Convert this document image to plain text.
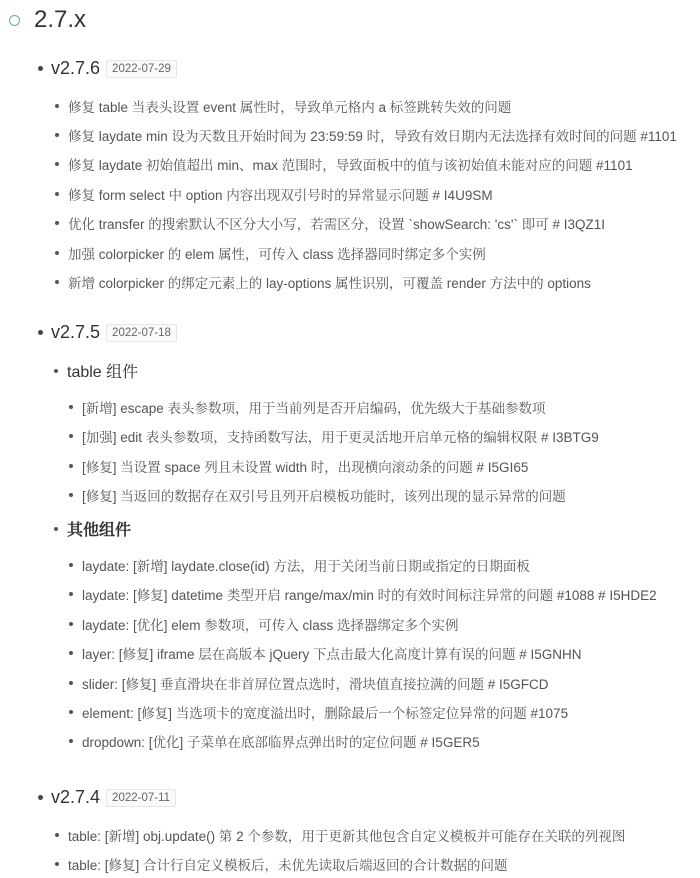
2.7.x
v2.7.6	2022-07-29
修复 table 当表头设置 event 属性时，导致单元格内 a 标签跳转失效的问题
修复 laydate min 设为天数且开始时间为 23:59:59 时，导致有效日期内无法选择有效时间的问题 #1101
修复 laydate 初始值超出 min、max 范围时，导致面板中的值与该初始值未能对应的问题 #1101
修复 form select 中 option 内容出现双引号时的异常显示问题 # I4U9SM
优化 transfer 的搜索默认不区分大小写，若需区分，设置 `showSearch: 'cs'` 即可 # I3QZ1I
加强 colorpicker 的 elem 属性，可传入 class 选择器同时绑定多个实例
新增 colorpicker 的绑定元素上的 lay-options 属性识别，可覆盖 render 方法中的 options
v2.7.5	2022-07-18
table 组件
[新增] escape 表头参数项，用于当前列是否开启编码，优先级大于基础参数项
[加强] edit 表头参数项，支持函数写法，用于更灵活地开启单元格的编辑权限 # I3BTG9
[修复] 当设置 space 列且未设置 width 时，出现横向滚动条的问题 # I5GI65
[修复] 当返回的数据存在双引号且列开启模板功能时，该列出现的显示异常的问题
其他组件
laydate: [新增] laydate.close(id) 方法，用于关闭当前日期或指定的日期面板
laydate: [修复] datetime 类型开启 range/max/min 时的有效时间标注异常的问题 #1088 # I5HDE2
laydate: [优化] elem 参数项，可传入 class 选择器绑定多个实例
layer: [修复] iframe 层在高版本 jQuery 下点击最大化高度计算有误的问题 # I5GNHN
slider: [修复] 垂直滑块在非首屏位置点选时，滑块值直接拉满的问题 # I5GFCD
element: [修复] 当选项卡的宽度溢出时，删除最后一个标签定位异常的问题 #1075
dropdown: [优化] 子菜单在底部临界点弹出时的定位问题 # I5GER5
v2.7.4	2022-07-11
table: [新增] obj.update() 第 2 个参数，用于更新其他包含自定义模板并可能存在关联的列视图
table: [修复] 合计行自定义模板后，未优先读取后端返回的合计数据的问题
